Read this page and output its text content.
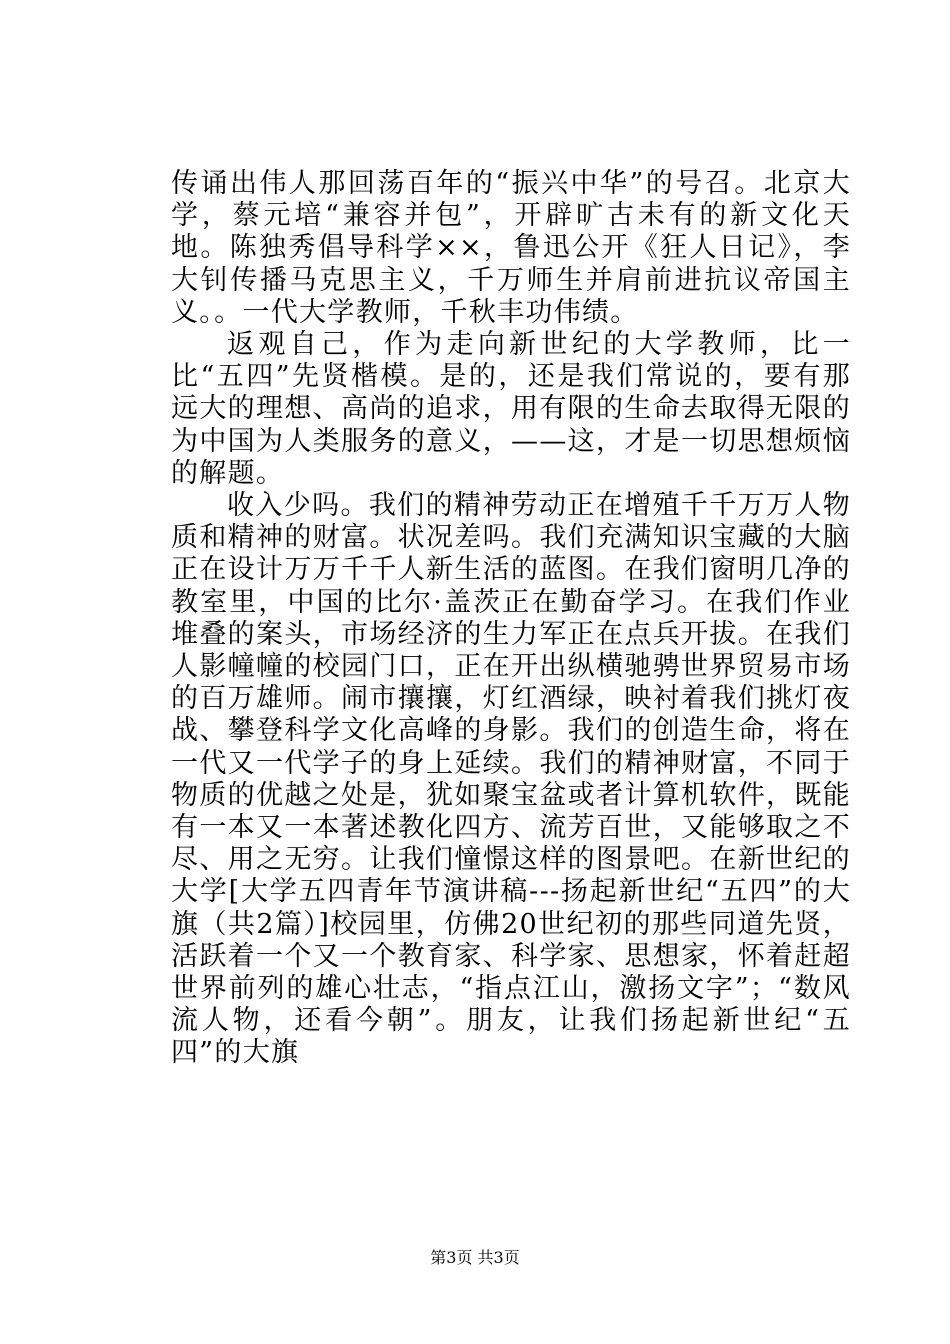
传诵出伟人那回荡百年的“振兴中华”的号召。北京大学，蔡元培“兼容并包”，开辟旷古未有的新文化天地。陈独秀倡导科学××，鲁迅公开《狂人日记》，李大钊传播马克思主义，千万师生并肩前进抗议帝国主义。。一代大学教师，千秋丰功伟绩。

返观自己，作为走向新世纪的大学教师，比一比“五四”先贤楷模。是的，还是我们常说的，要有那远大的理想、高尚的追求，用有限的生命去取得无限的为中国为人类服务的意义，——这，才是一切思想烦恼的解题。

收入少吗。我们的精神劳动正在增殖千千万万人物质和精神的财富。状况差吗。我们充满知识宝藏的大脑正在设计万万千千人新生活的蓝图。在我们窗明几净的教室里，中国的比尔·盖茨正在勤奋学习。在我们作业堆叠的案头，市场经济的生力军正在点兵开拔。在我们人影幢幢的校园门口，正在开出纵横驰骋世界贸易市场的百万雄师。闹市攘攘，灯红酒绿，映衬着我们挑灯夜战、攀登科学文化高峰的身影。我们的创造生命，将在一代又一代学子的身上延续。我们的精神财富，不同于物质的优越之处是，犹如聚宝盆或者计算机软件，既能有一本又一本著述教化四方、流芳百世，又能够取之不尽、用之无穷。让我们憧憬这样的图景吧。在新世纪的大学[大学五四青年节演讲稿---扬起新世纪“五四”的大旗（共2篇）]校园里，仿佛20世纪初的那些同道先贤，活跃着一个又一个教育家、科学家、思想家，怀着赶超世界前列的雄心壮志，“指点江山，激扬文字”；“数风流人物，还看今朝”。朋友，让我们扬起新世纪“五四”的大旗

第3页 共3页
